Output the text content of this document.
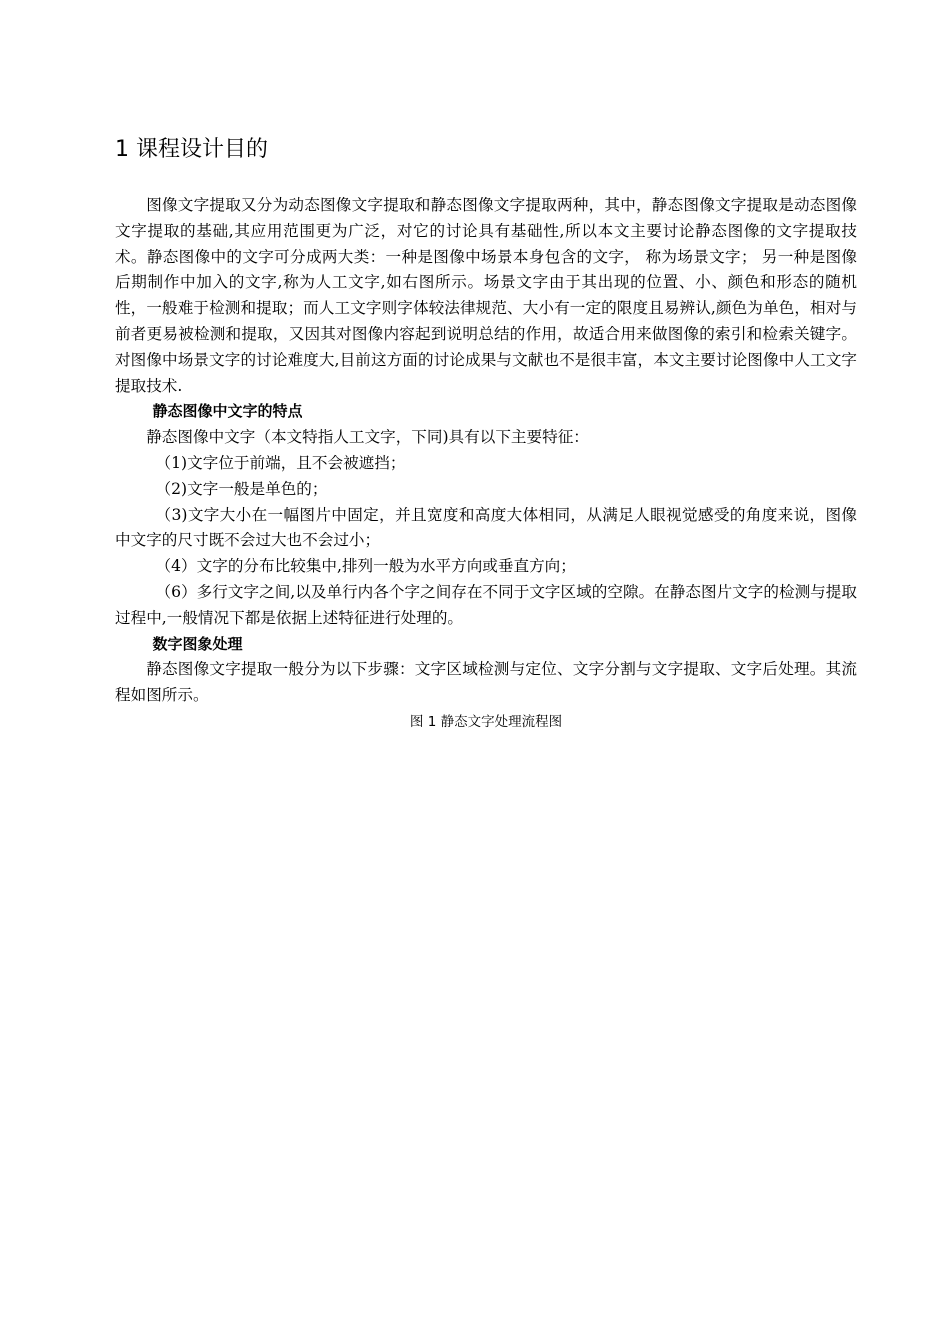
1 课程设计目的

图像文字提取又分为动态图像文字提取和静态图像文字提取两种，其中，静态图像文字提取是动态图像文字提取的基础,其应用范围更为广泛，对它的讨论具有基础性,所以本文主要讨论静态图像的文字提取技术。静态图像中的文字可分成两大类：一种是图像中场景本身包含的文字， 称为场景文字； 另一种是图像后期制作中加入的文字,称为人工文字,如右图所示。场景文字由于其出现的位置、小、颜色和形态的随机性，一般难于检测和提取；而人工文字则字体较法律规范、大小有一定的限度且易辨认,颜色为单色，相对与前者更易被检测和提取，又因其对图像内容起到说明总结的作用，故适合用来做图像的索引和检索关键字。对图像中场景文字的讨论难度大,目前这方面的讨论成果与文献也不是很丰富，本文主要讨论图像中人工文字提取技术.

静态图像中文字的特点

静态图像中文字（本文特指人工文字，下同)具有以下主要特征：

（1)文字位于前端，且不会被遮挡；

（2)文字一般是单色的；

（3)文字大小在一幅图片中固定，并且宽度和高度大体相同，从满足人眼视觉感受的角度来说，图像中文字的尺寸既不会过大也不会过小；

（4）文字的分布比较集中,排列一般为水平方向或垂直方向；

（6）多行文字之间,以及单行内各个字之间存在不同于文字区域的空隙。在静态图片文字的检测与提取过程中,一般情况下都是依据上述特征进行处理的。

数字图象处理

静态图像文字提取一般分为以下步骤：文字区域检测与定位、文字分割与文字提取、文字后处理。其流程如图所示。

图 1 静态文字处理流程图
